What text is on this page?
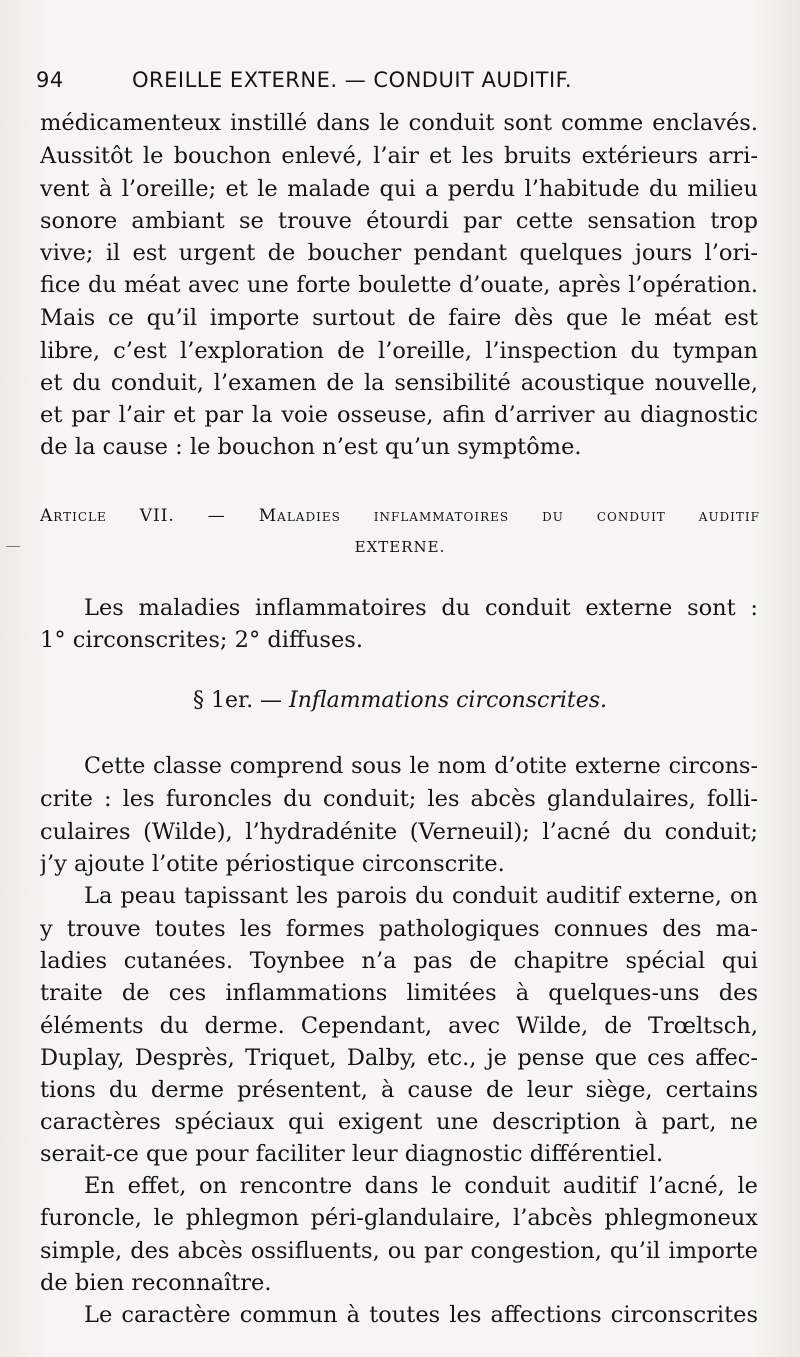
94	OREILLE EXTERNE. — CONDUIT AUDITIF.
médicamenteux instillé dans le conduit sont comme enclavés.
Aussitôt le bouchon enlevé, l’air et les bruits extérieurs arri-
vent à l’oreille; et le malade qui a perdu l’habitude du milieu
sonore ambiant se trouve étourdi par cette sensation trop
vive; il est urgent de boucher pendant quelques jours l’ori-
fice du méat avec une forte boulette d’ouate, après l’opération.
Mais ce qu’il importe surtout de faire dès que le méat est
libre, c’est l’exploration de l’oreille, l’inspection du tympan
et du conduit, l’examen de la sensibilité acoustique nouvelle,
et par l’air et par la voie osseuse, afin d’arriver au diagnostic
de la cause : le bouchon n’est qu’un symptôme.
Article VII. — Maladies inflammatoires du conduit auditif
EXTERNE.
Les maladies inflammatoires du conduit externe sont :
1° circonscrites; 2° diffuses.
§ 1er. — Inflammations circonscrites.
Cette classe comprend sous le nom d’otite externe circons-
crite : les furoncles du conduit; les abcès glandulaires, folli-
culaires (Wilde), l’hydradénite (Verneuil); l’acné du conduit;
j’y ajoute l’otite périostique circonscrite.
La peau tapissant les parois du conduit auditif externe, on
y trouve toutes les formes pathologiques connues des ma-
ladies cutanées. Toynbee n’a pas de chapitre spécial qui
traite de ces inflammations limitées à quelques-uns des
éléments du derme. Cependant, avec Wilde, de Trœltsch,
Duplay, Desprès, Triquet, Dalby, etc., je pense que ces affec-
tions du derme présentent, à cause de leur siège, certains
caractères spéciaux qui exigent une description à part, ne
serait-ce que pour faciliter leur diagnostic différentiel.
En effet, on rencontre dans le conduit auditif l’acné, le
furoncle, le phlegmon péri-glandulaire, l’abcès phlegmoneux
simple, des abcès ossifluents, ou par congestion, qu’il importe
de bien reconnaître.
Le caractère commun à toutes les affections circonscrites
